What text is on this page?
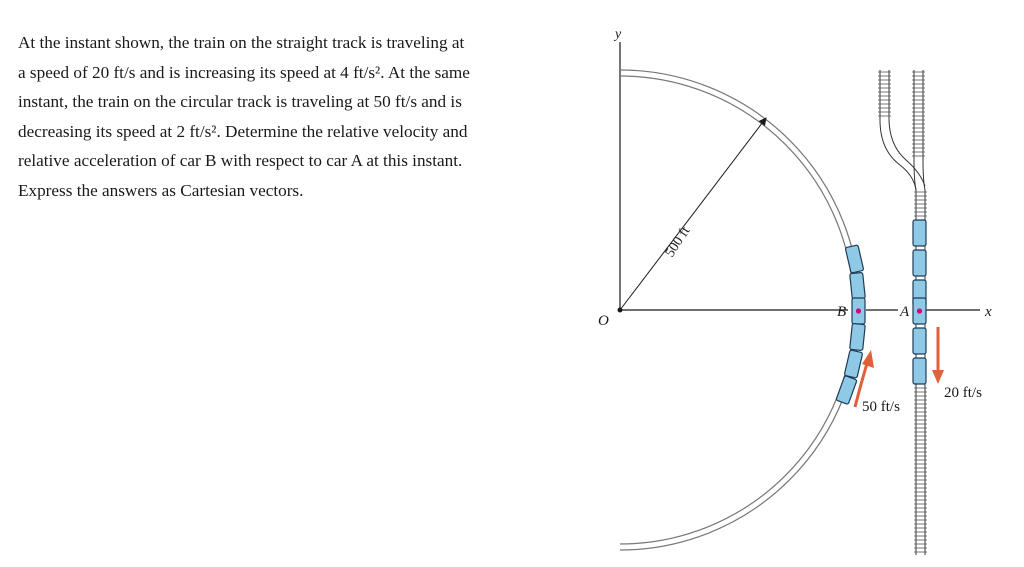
At the instant shown, the train on the straight track is traveling at
a speed of 20 ft/s and is increasing its speed at 4 ft/s². At the same
instant, the train on the circular track is traveling at 50 ft/s and is
decreasing its speed at 2 ft/s². Determine the relative velocity and
relative acceleration of car B with respect to car A at this instant.
Express the answers as Cartesian vectors.

y
x
O
500 ft
B	A
50 ft/s
20 ft/s
